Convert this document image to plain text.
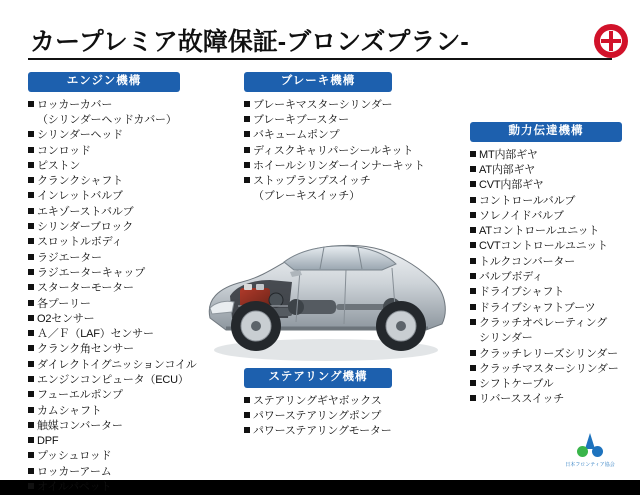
カープレミア故障保証-ブロンズプラン-
エンジン機構
ロッカーカバー
（シリンダーヘッドカバー）
シリンダーヘッド
コンロッド
ピストン
クランクシャフト
インレットバルブ
エキゾーストバルブ
シリンダーブロック
スロットルボディ
ラジエーター
ラジエーターキャップ
スターターモーター
各プーリー
O2センサー
Ａ／Ｆ（LAF）センサー
クランク角センサー
ダイレクトイグニッションコイル
エンジンコンピュータ（ECU）
フューエルポンプ
カムシャフト
触媒コンバーター
DPF
プッシュロッド
ロッカーアーム
オイルパペット
ブレーキ機構
ブレーキマスターシリンダー
ブレーキブースター
バキュームポンプ
ディスクキャリパーシールキット
ホイールシリンダーインナーキット
ストップランプスイッチ
（ブレーキスイッチ）
動力伝達機構
MT内部ギヤ
AT内部ギヤ
CVT内部ギヤ
コントロールバルブ
ソレノイドバルブ
ATコントロールユニット
CVTコントロールユニット
トルクコンバーター
バルブボディ
ドライブシャフト
ドライブシャフトブーツ
クラッチオペレーティング
シリンダー
クラッチレリーズシリンダー
クラッチマスターシリンダー
シフトケーブル
リバーススイッチ
ステアリング機構
ステアリングギヤボックス
パワーステアリングポンプ
パワーステアリングモーター
日本フロンティア協会
